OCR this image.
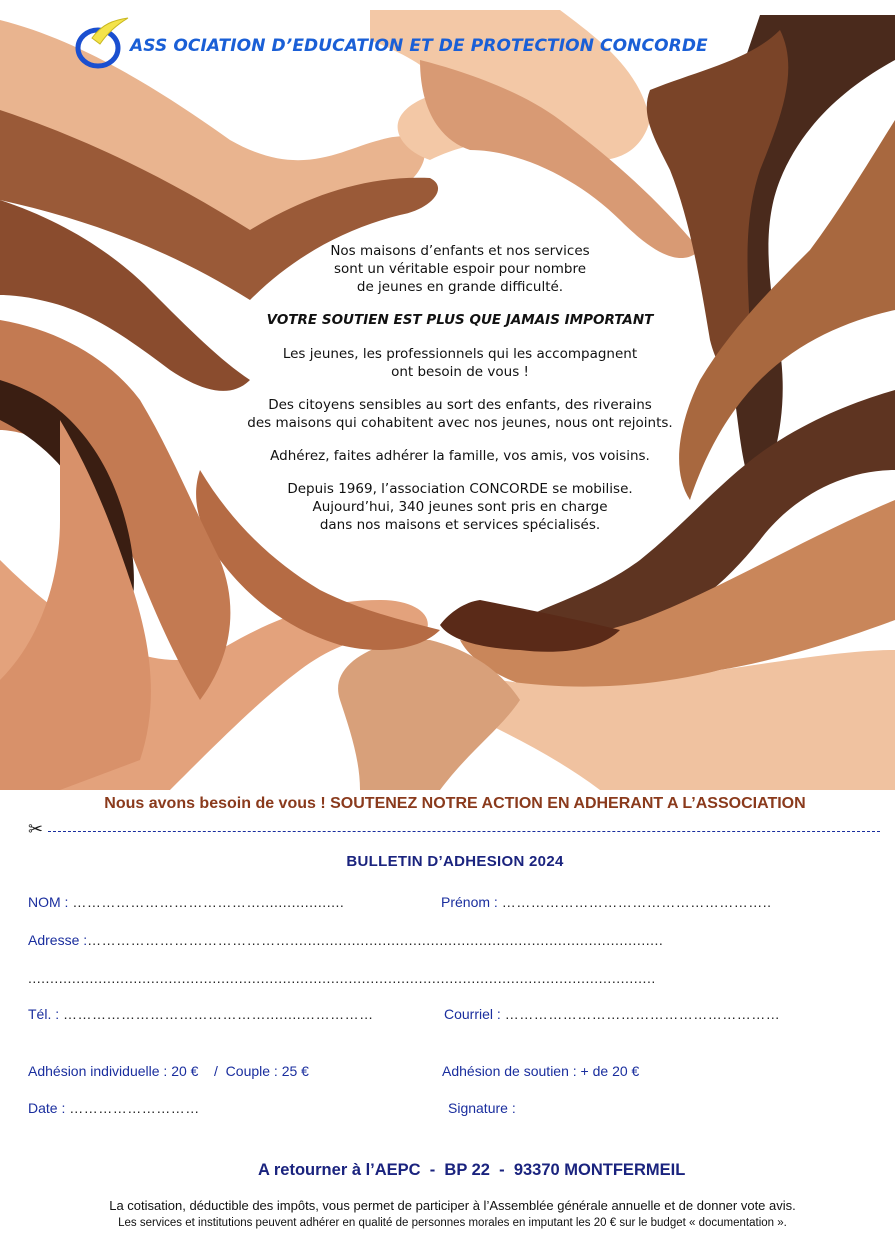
ASS OCIATION D’EDUCATION ET DE PROTECTION CONCORDE

Nos maisons d’enfants et nos services
sont un véritable espoir pour nombre
de jeunes en grande difficulté.

VOTRE SOUTIEN EST PLUS QUE JAMAIS IMPORTANT

Les jeunes, les professionnels qui les accompagnent
ont besoin de vous !

Des citoyens sensibles au sort des enfants, des riverains
des maisons qui cohabitent avec nos jeunes, nous ont rejoints.

Adhérez, faites adhérer la famille, vos amis, vos voisins.

Depuis 1969, l’association CONCORDE se mobilise.
Aujourd’hui, 340 jeunes sont pris en charge
dans nos maisons et services spécialisés.

Nous avons besoin de vous ! SOUTENEZ NOTRE ACTION EN ADHERANT A L’ASSOCIATION
✂
BULLETIN D’ADHESION 2024
NOM : …………………………………...................	Prénom : ………………………………………………..
Adresse :…………………………………….....................................................................................
...............................................................................................................................................
Tél. : ……………………………………........……………	Courriel : …………………………………………………
Adhésion individuelle : 20 €    /  Couple : 25 €	Adhésion de soutien : + de 20 €
Date : ………………………	Signature :
A retourner à l’AEPC  -  BP 22  -  93370 MONTFERMEIL
La cotisation, déductible des impôts, vous permet de participer à l’Assemblée générale annuelle et de donner vote avis.
Les services et institutions peuvent adhérer en qualité de personnes morales en imputant les 20 € sur le budget « documentation ».
